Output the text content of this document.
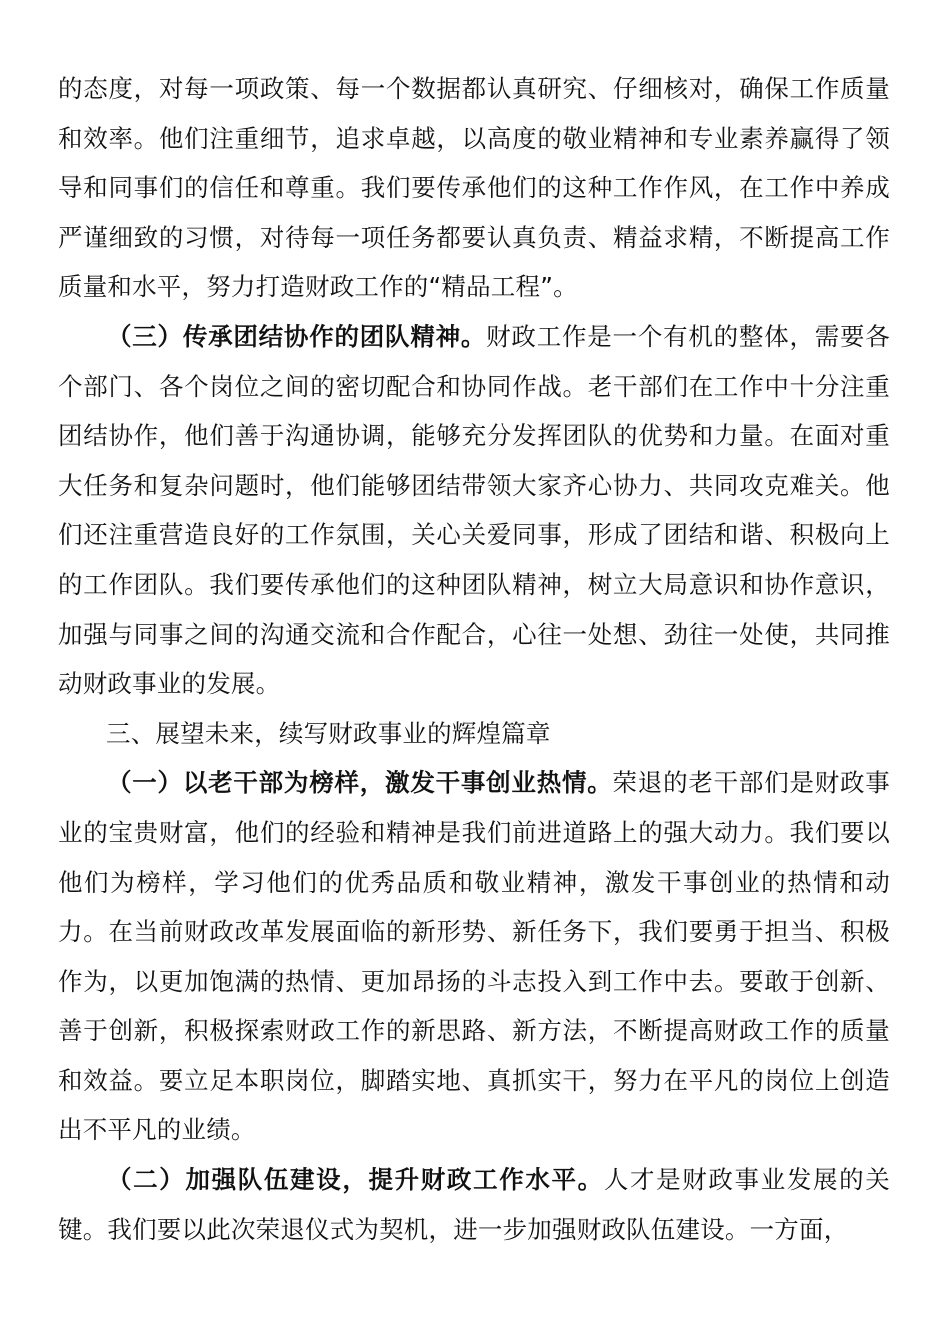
的态度，对每一项政策、每一个数据都认真研究、仔细核对，确保工作质量和效率。他们注重细节，追求卓越，以高度的敬业精神和专业素养赢得了领导和同事们的信任和尊重。我们要传承他们的这种工作作风，在工作中养成严谨细致的习惯，对待每一项任务都要认真负责、精益求精，不断提高工作质量和水平，努力打造财政工作的“精品工程”。

（三）传承团结协作的团队精神。财政工作是一个有机的整体，需要各个部门、各个岗位之间的密切配合和协同作战。老干部们在工作中十分注重团结协作，他们善于沟通协调，能够充分发挥团队的优势和力量。在面对重大任务和复杂问题时，他们能够团结带领大家齐心协力、共同攻克难关。他们还注重营造良好的工作氛围，关心关爱同事，形成了团结和谐、积极向上的工作团队。我们要传承他们的这种团队精神，树立大局意识和协作意识，加强与同事之间的沟通交流和合作配合，心往一处想、劲往一处使，共同推动财政事业的发展。

三、展望未来，续写财政事业的辉煌篇章

（一）以老干部为榜样，激发干事创业热情。荣退的老干部们是财政事业的宝贵财富，他们的经验和精神是我们前进道路上的强大动力。我们要以他们为榜样，学习他们的优秀品质和敬业精神，激发干事创业的热情和动力。在当前财政改革发展面临的新形势、新任务下，我们要勇于担当、积极作为，以更加饱满的热情、更加昂扬的斗志投入到工作中去。要敢于创新、善于创新，积极探索财政工作的新思路、新方法，不断提高财政工作的质量和效益。要立足本职岗位，脚踏实地、真抓实干，努力在平凡的岗位上创造出不平凡的业绩。

（二）加强队伍建设，提升财政工作水平。人才是财政事业发展的关键。我们要以此次荣退仪式为契机，进一步加强财政队伍建设。一方面，
